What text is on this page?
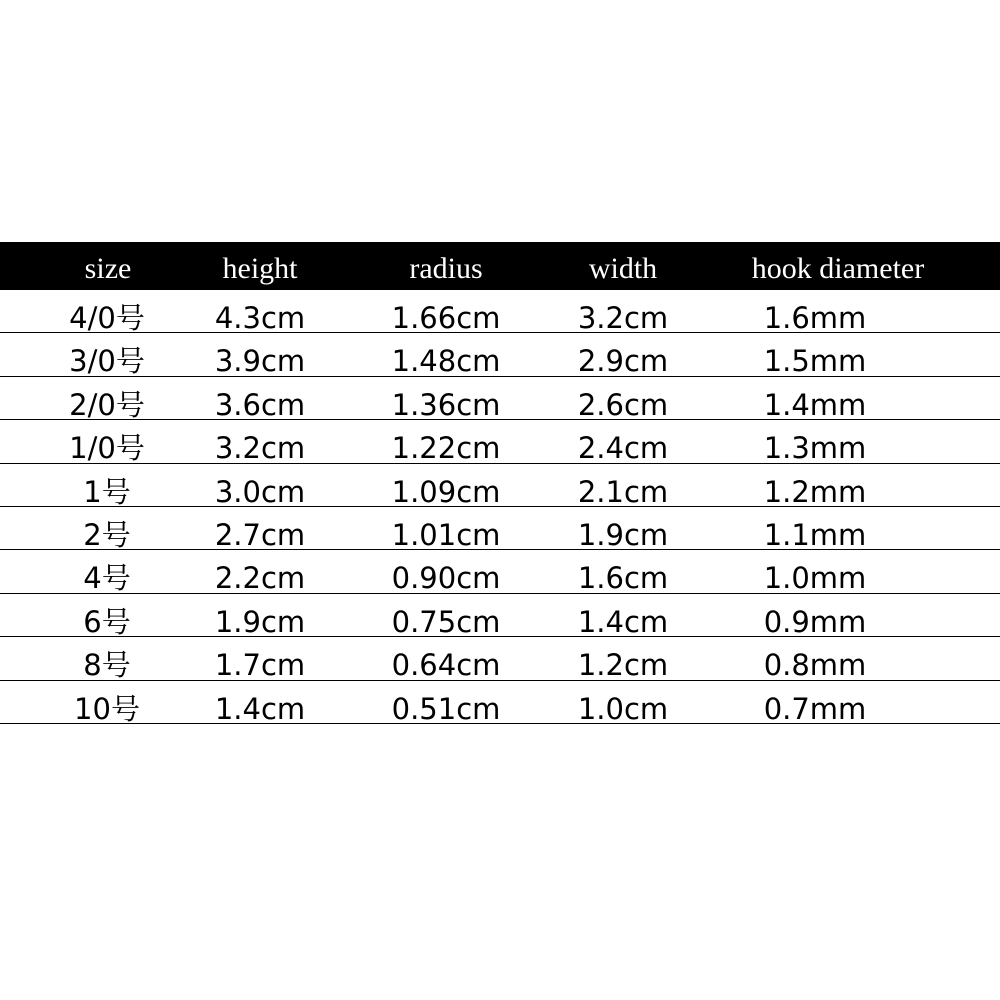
size	height	radius	width	hook diameter
4/0号 4.3cm	1.66cm	3.2cm	1.6mm
3/0号 3.9cm	1.48cm	2.9cm	1.5mm
2/0号 3.6cm	1.36cm	2.6cm	1.4mm
1/0号 3.2cm	1.22cm	2.4cm	1.3mm
1号	3.0cm	1.09cm	2.1cm	1.2mm
2号	2.7cm	1.01cm	1.9cm	1.1mm
4号	2.2cm	0.90cm	1.6cm	1.0mm
6号	1.9cm	0.75cm	1.4cm	0.9mm
8号	1.7cm	0.64cm	1.2cm	0.8mm
10号	1.4cm	0.51cm	1.0cm	0.7mm
